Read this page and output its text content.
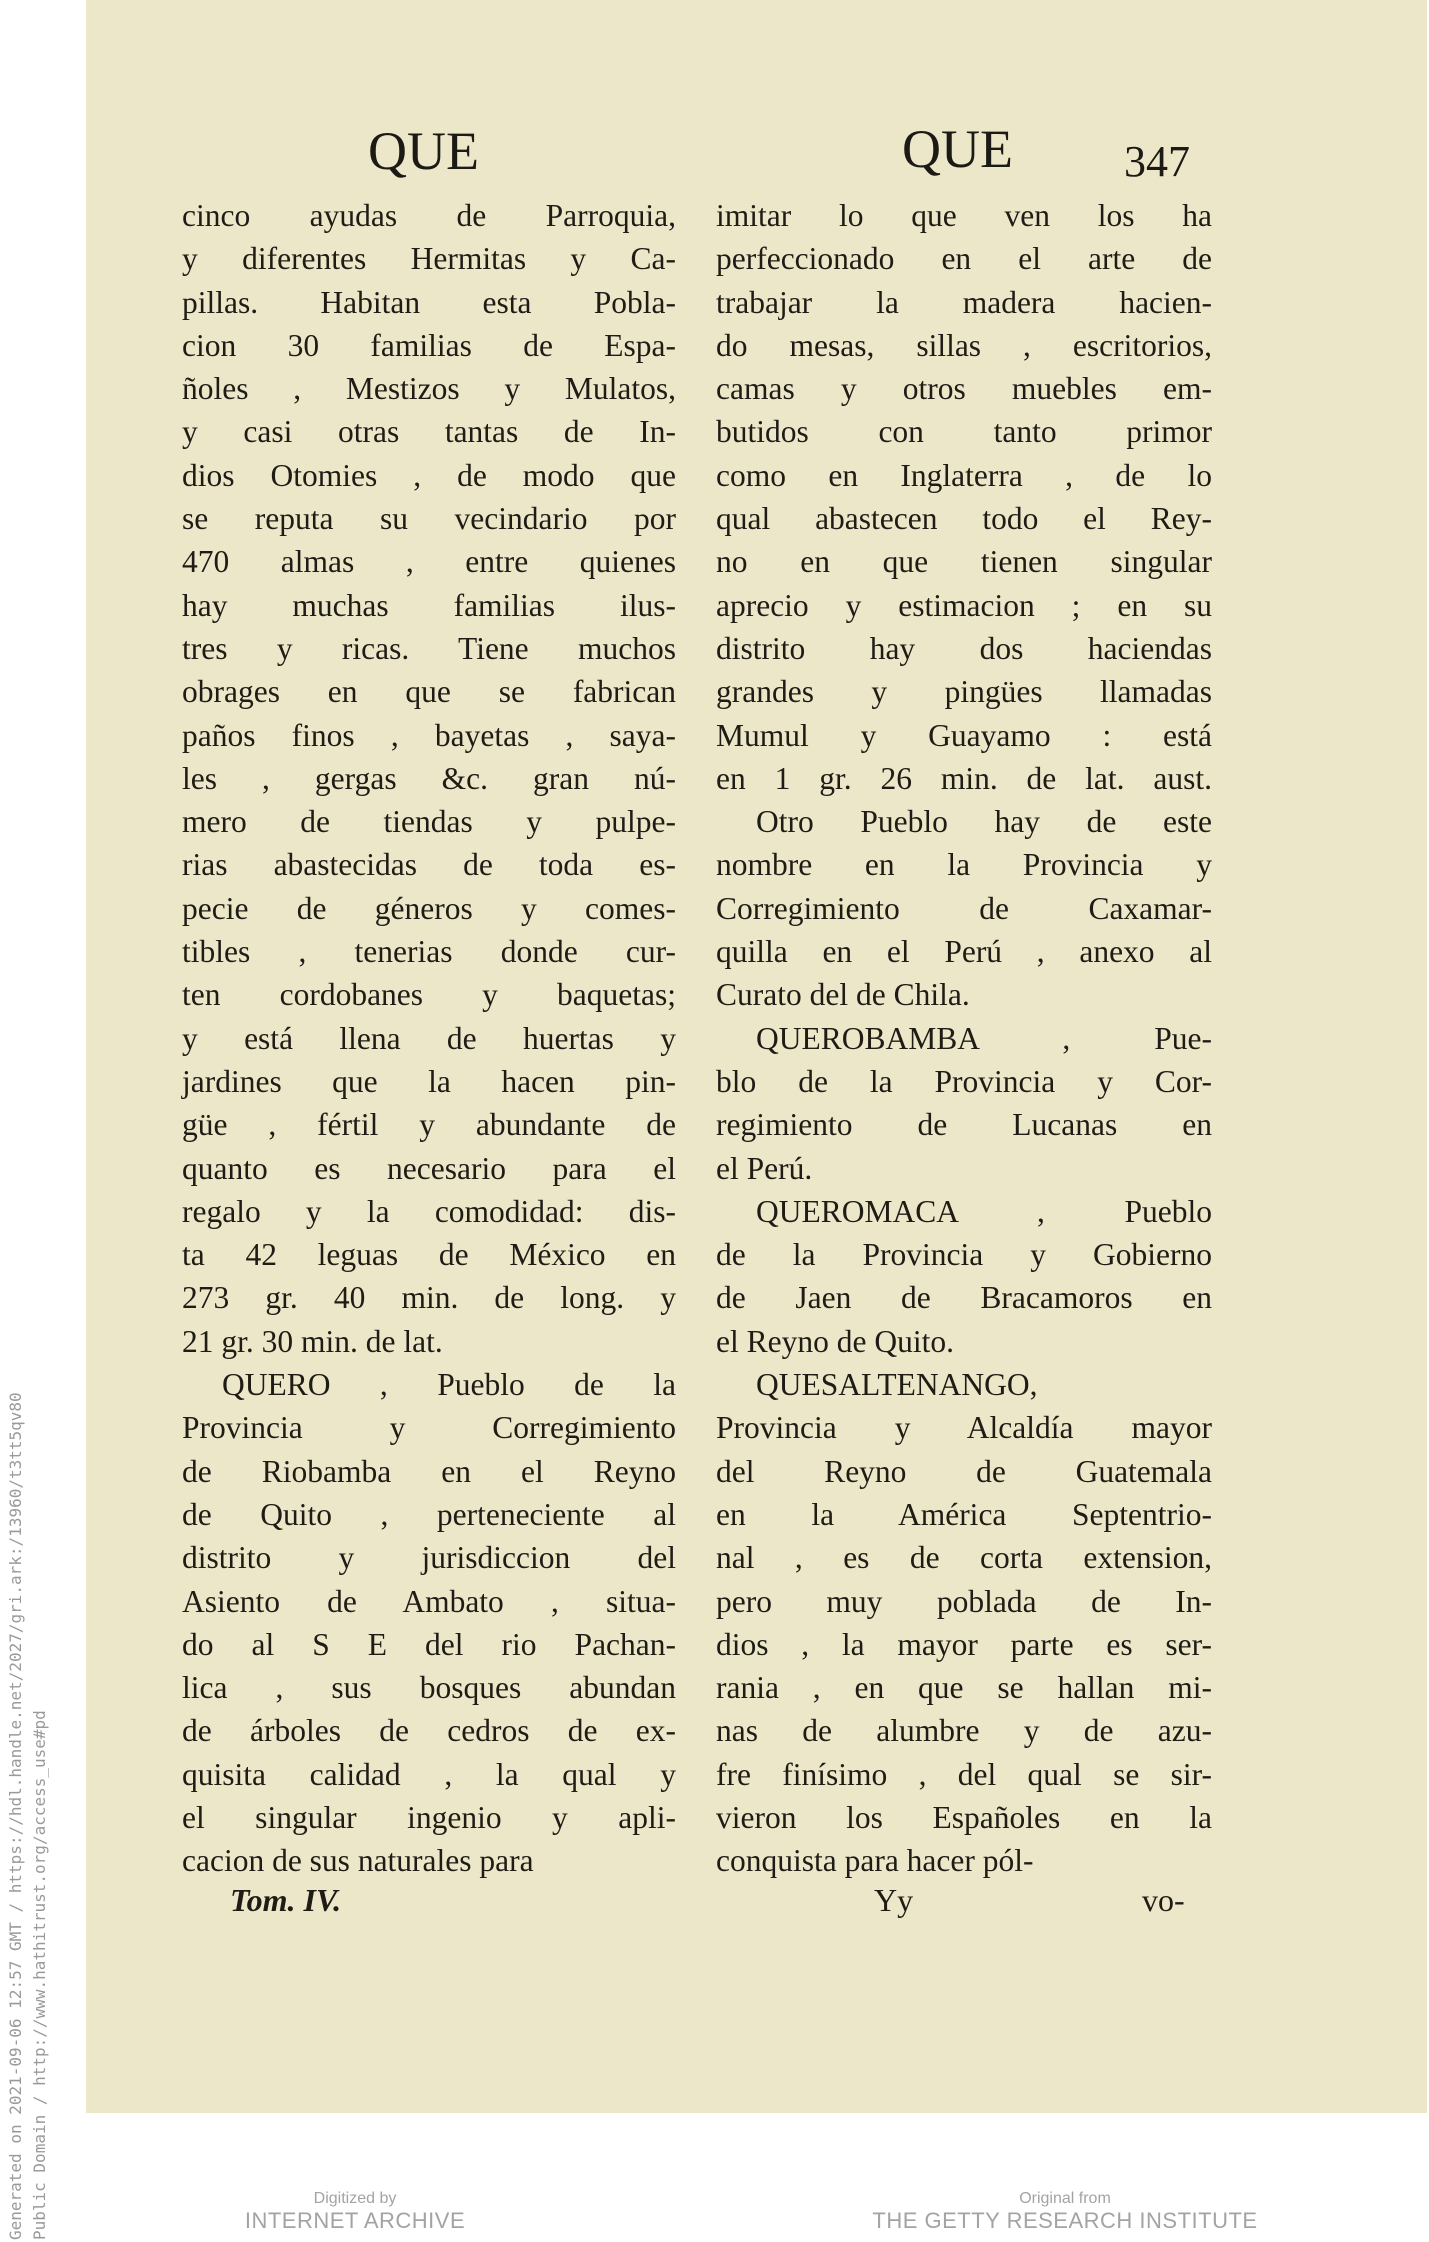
Generated on 2021-09-06 12:57 GMT / https://hdl.handle.net/2027/gri.ark:/13960/t3tt5qv80 Public Domain / http://www.hathitrust.org/access_use#pd
QUE	QUE	347
cinco ayudas de Parroquia,
y diferentes Hermitas y Ca-
pillas. Habitan esta Pobla-
cion 30 familias de Espa-
ñoles , Mestizos y Mulatos,
y casi otras tantas de In-
dios Otomies , de modo que
se reputa su vecindario por
470 almas , entre quienes
hay muchas familias ilus-
tres y ricas. Tiene muchos
obrages en que se fabrican
paños finos , bayetas , saya-
les , gergas &c. gran nú-
mero de tiendas y pulpe-
rias abastecidas de toda es-
pecie de géneros y comes-
tibles , tenerias donde cur-
ten cordobanes y baquetas;
y está llena de huertas y
jardines que la hacen pin-
güe , fértil y abundante de
quanto es necesario para el
regalo y la comodidad: dis-
ta 42 leguas de México en
273 gr. 40 min. de long. y
21 gr. 30 min. de lat.
QUERO , Pueblo de la
Provincia y Corregimiento
de Riobamba en el Reyno
de Quito , perteneciente al
distrito y jurisdiccion del
Asiento de Ambato , situa-
do al S E del rio Pachan-
lica , sus bosques abundan
de árboles de cedros de ex-
quisita calidad , la qual y
el singular ingenio y apli-
cacion de sus naturales para
imitar lo que ven los ha
perfeccionado en el arte de
trabajar la madera hacien-
do mesas, sillas , escritorios,
camas y otros muebles em-
butidos con tanto primor
como en Inglaterra , de lo
qual abastecen todo el Rey-
no en que tienen singular
aprecio y estimacion ; en su
distrito hay dos haciendas
grandes y pingües llamadas
Mumul y Guayamo : está
en 1 gr. 26 min. de lat. aust.
Otro Pueblo hay de este
nombre en la Provincia y
Corregimiento de Caxamar-
quilla en el Perú , anexo al
Curato del de Chila.
QUEROBAMBA , Pue-
blo de la Provincia y Cor-
regimiento de Lucanas en
el Perú.
QUEROMACA , Pueblo
de la Provincia y Gobierno
de Jaen de Bracamoros en
el Reyno de Quito.
QUESALTENANGO,
Provincia y Alcaldía mayor
del Reyno de Guatemala
en la América Septentrio-
nal , es de corta extension,
pero muy poblada de In-
dios , la mayor parte es ser-
rania , en que se hallan mi-
nas de alumbre y de azu-
fre finísimo , del qual se sir-
vieron los Españoles en la
conquista para hacer pól-
Tom. IV.	Yy	vo-
Digitized by
INTERNET ARCHIVE
Original from
THE GETTY RESEARCH INSTITUTE
